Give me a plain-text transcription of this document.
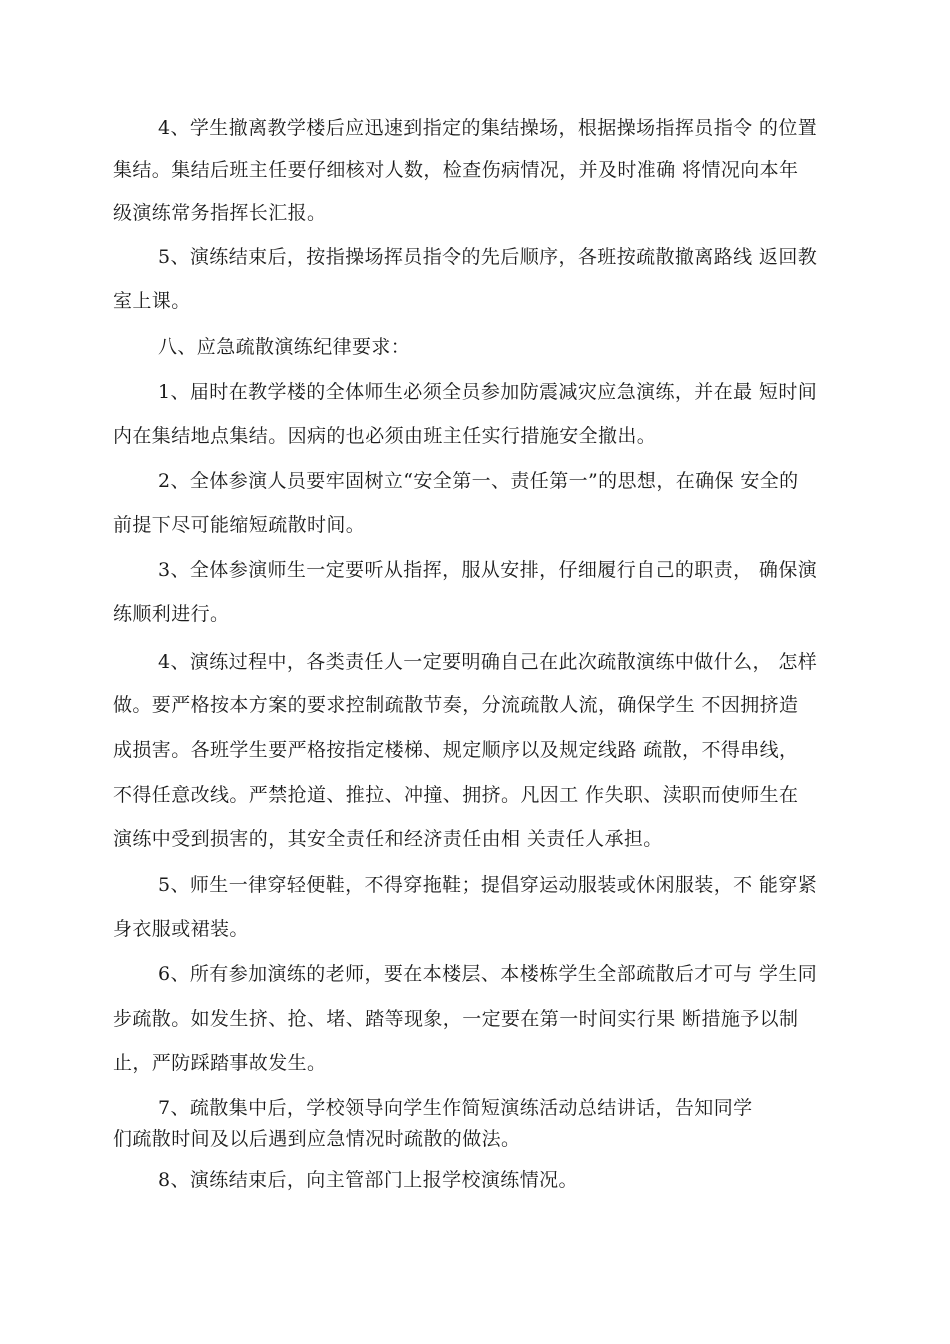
4、学生撤离教学楼后应迅速到指定的集结操场，根据操场指挥员指令 的位置
集结。集结后班主任要仔细核对人数，检查伤病情况，并及时准确 将情况向本年
级演练常务指挥长汇报。
5、演练结束后，按指操场挥员指令的先后顺序，各班按疏散撤离路线 返回教
室上课。
八、应急疏散演练纪律要求：
1、届时在教学楼的全体师生必须全员参加防震减灾应急演练，并在最 短时间
内在集结地点集结。因病的也必须由班主任实行措施安全撤出。
2、全体参演人员要牢固树立“安全第一、责任第一”的思想，在确保 安全的
前提下尽可能缩短疏散时间。
3、全体参演师生一定要听从指挥，服从安排，仔细履行自己的职责， 确保演
练顺利进行。
4、演练过程中，各类责任人一定要明确自己在此次疏散演练中做什么， 怎样
做。要严格按本方案的要求控制疏散节奏，分流疏散人流，确保学生 不因拥挤造
成损害。各班学生要严格按指定楼梯、规定顺序以及规定线路 疏散，不得串线，
不得任意改线。严禁抢道、推拉、冲撞、拥挤。凡因工 作失职、渎职而使师生在
演练中受到损害的，其安全责任和经济责任由相 关责任人承担。
5、师生一律穿轻便鞋，不得穿拖鞋；提倡穿运动服装或休闲服装，不 能穿紧
身衣服或裙装。
6、所有参加演练的老师，要在本楼层、本楼栋学生全部疏散后才可与 学生同
步疏散。如发生挤、抢、堵、踏等现象，一定要在第一时间实行果 断措施予以制
止，严防踩踏事故发生。
7、疏散集中后，学校领导向学生作简短演练活动总结讲话，告知同学
们疏散时间及以后遇到应急情况时疏散的做法。
8、演练结束后，向主管部门上报学校演练情况。
